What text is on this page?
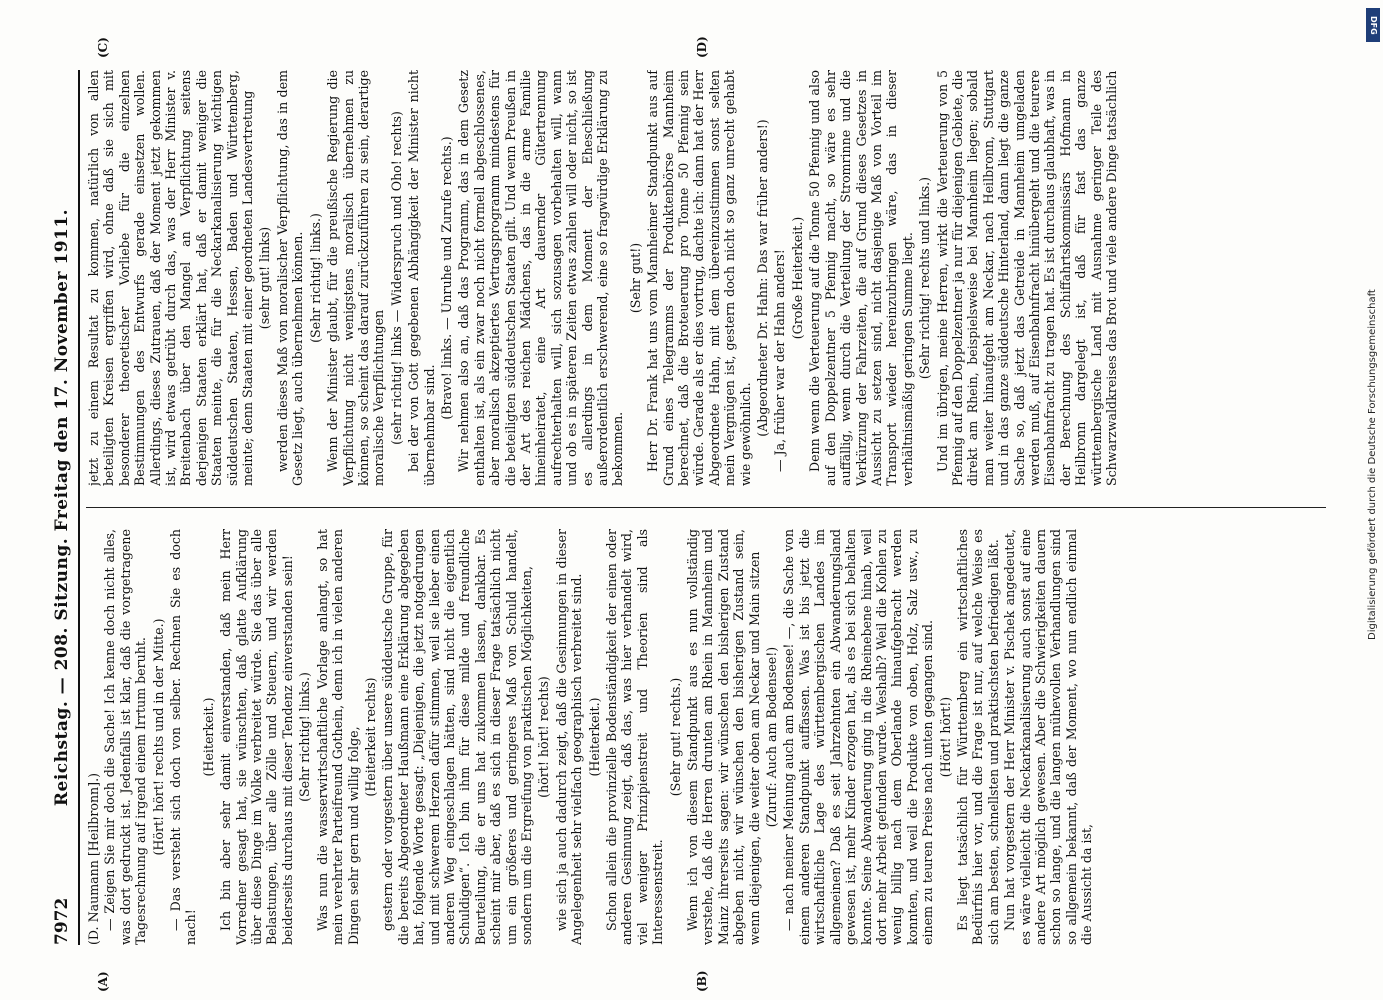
7972
Reichstag. — 208. Sitzung. Freitag den 17. November 1911.
(A)	(B)
(C)	(D)

(D. Naumann [Heilbronn].) — Zeigen Sie mir doch die Sache! Ich kenne doch nicht alles, was dort gedruckt ist. Jedenfalls ist klar, daß die vorgetragene Tagesrechnung auf irgend einem Irrtum beruht. (Hört! hört! rechts und in der Mitte.) — Das versteht sich doch von selber. Rechnen Sie es doch nach!

(Heiterkeit.) Ich bin aber sehr damit einverstanden, daß mein Herr Vorredner gesagt hat, sie wünschten, daß glatte Aufklärung über diese Dinge im Volke verbreitet würde. Sie das über alle Belastungen, über alle Zölle und Steuern, und wir werden beiderseits durchaus mit dieser Tendenz einverstanden sein! (Sehr richtig! links.) Was nun die wasserwirtschaftliche Vorlage anlangt, so hat mein verehrter Parteifreund Gothein, denn ich in vielen anderen Dingen sehr gern und willig folge, (Heiterkeit rechts) gestern oder vorgestern über unsere süddeutsche Gruppe, für die bereits Abgeordneter Haußmann eine Erklärung abgegeben hat, folgende Worte gesagt: „Diejenigen, die jetzt notgedrungen und mit schwerem Herzen dafür stimmen, weil sie lieber einen anderen Weg eingeschlagen hätten, sind nicht die eigentlich Schuldigen“. Ich bin ihm für diese milde und freundliche Beurteilung, die er uns hat zukommen lassen, dankbar. Es scheint mir aber, daß es sich in dieser Frage tatsächlich nicht um ein größeres und geringeres Maß von Schuld handelt, sondern um die Ergreifung von praktischen Möglichkeiten, (hört! hört! rechts) wie sich ja auch dadurch zeigt, daß die Gesinnungen in dieser Angelegenheit sehr vielfach geographisch verbreitet sind. (Heiterkeit.) Schon allein die provinzielle Bodenständigkeit der einen oder anderen Gesinnung zeigt, daß das, was hier verhandelt wird, viel weniger Prinzipienstreit und Theorien sind als Interessenstreit.

(Sehr gut! rechts.) Wenn ich von diesem Standpunkt aus es nun vollständig verstehe, daß die Herren drunten am Rhein in Mannheim und Mainz ihrerseits sagen: wir wünschen den bisherigen Zustand abgeben nicht, wir wünschen den bisherigen Zustand sein, wenn diejenigen, die weiter oben am Neckar und Main sitzen (Zuruf: Auch am Bodensee!) — nach meiner Meinung auch am Bodensee! —, die Sache von einem anderen Standpunkt auffassen. Was ist bis jetzt die wirtschaftliche Lage des württembergischen Landes im allgemeinen? Daß es seit Jahrzehnten ein Abwanderungsland gewesen ist, mehr Kinder erzogen hat, als es bei sich behalten konnte. Seine Abwanderung ging in die Rheinebene hinab, weil dort mehr Arbeit gefunden wurde. Weshalb? Weil die Kohlen zu wenig billig nach dem Oberlande hinaufgebracht werden konnten, und weil die Produkte von oben, Holz, Salz usw., zu einem zu teuren Preise nach unten gegangen sind. (Hört! hört!) Es liegt tatsächlich für Württemberg ein wirtschaftliches Bedürfnis hier vor, und die Frage ist nur, auf welche Weise es sich am besten, schnellsten und praktischsten befriedigen läßt. Nun hat vorgestern der Herr Minister v. Pischek angedeutet, es wäre vielleicht die Neckarkanalisierung auch sonst auf eine andere Art möglich gewesen. Aber die Schwierigkeiten dauern schon so lange, und die langen mühevollen Verhandlungen sind so allgemein bekannt, daß der Moment, wo nun endlich einmal die Aussicht da ist,

jetzt zu einem Resultat zu kommen, natürlich von allen beteiligten Kreisen ergriffen wird, ohne daß sie sich mit besonderer theoretischer Vorliebe für die einzelnen Bestimmungen des Entwurfs gerade einsetzen wollen. Allerdings, dieses Zutrauen, daß der Moment jetzt gekommen ist, wird etwas getrübt durch das, was der Herr Minister v. Breitenbach über den Mangel an Verpflichtung seitens derjenigen Staaten erklärt hat, daß er damit weniger die Staaten meinte, die für die Neckarkanalisierung wichtigen süddeutschen Staaten, Hessen, Baden und Württemberg, meinte; denn Staaten mit einer geordneten Landesvertretung (sehr gut! links) werden dieses Maß von moralischer Verpflichtung, das in dem Gesetz liegt, auch übernehmen können. (Sehr richtig! links.) Wenn der Minister glaubt, für die preußische Regierung die Verpflichtung nicht wenigstens moralisch übernehmen zu können, so scheint das darauf zurückzuführen zu sein, derartige moralische Verpflichtungen (sehr richtig! links — Widerspruch und Oho! rechts) bei der von Gott gegebenen Abhängigkeit der Minister nicht übernehmbar sind.

(Bravo! links. — Unruhe und Zurufe rechts.) Wir nehmen also an, daß das Programm, das in dem Gesetz enthalten ist, als ein zwar noch nicht formell abgeschlossenes, aber moralisch akzeptiertes Vertragsprogramm mindestens für die beteiligten süddeutschen Staaten gilt. Und wenn Preußen in der Art des reichen Mädchens, das in die arme Familie hineinheiratet, eine Art dauernder Gütertrennung aufrechterhalten will, sich sozusagen vorbehalten will, wann und ob es in späteren Zeiten etwas zahlen will oder nicht, so ist es allerdings in dem Moment der Eheschließung außerordentlich erschwerend, eine so fragwürdige Erklärung zu bekommen.

(Sehr gut!) Herr Dr. Frank hat uns vom Mannheimer Standpunkt aus auf Grund eines Telegramms der Produktenbörse Mannheim berechnet, daß die Broteuerung pro Tonne 50 Pfennig sein würde. Gerade als er dies vortrug, dachte ich: dann hat der Herr Abgeordnete Hahn, mit dem übereinzustimmen sonst selten mein Vergnügen ist, gestern doch nicht so ganz unrecht gehabt wie gewöhnlich. (Abgeordneter Dr. Hahn: Das war früher anders!) — Ja, früher war der Hahn anders! (Große Heiterkeit.) Denn wenn die Verteuerung auf die Tonne 50 Pfennig und also auf den Doppelzentner 5 Pfennig macht, so wäre es sehr auffällig, wenn durch die Verteilung der Stromrinne und die Verkürzung der Fahrzeiten, die auf Grund dieses Gesetzes in Aussicht zu setzen sind, nicht dasjenige Maß von Vorteil im Transport wieder hereinzubringen wäre, das in dieser verhältnismäßig geringen Summe liegt. (Sehr richtig! rechts und links.) Und im übrigen, meine Herren, wirkt die Verteuerung von 5 Pfennig auf den Doppelzentner ja nur für diejenigen Gebiete, die direkt am Rhein, beispielsweise bei Mannheim liegen; sobald man weiter hinaufgeht am Neckar, nach Heilbronn, Stuttgart und in das ganze süddeutsche Hinterland, dann liegt die ganze Sache so, daß jetzt das Getreide in Mannheim umgeladen werden muß, auf Eisenbahnfracht hinübergeht und die teurere Eisenbahnfracht zu tragen hat. Es ist durchaus glaubhaft, was in der Berechnung des Schiffahrtskommissärs Hofmann in Heilbronn dargelegt ist, daß für fast das ganze württembergische Land mit Ausnahme geringer Teile des Schwarzwaldkreises das Brot und viele andere Dinge tatsächlich

DFG
Digitalisierung gefördert durch die Deutsche Forschungsgemeinschaft
